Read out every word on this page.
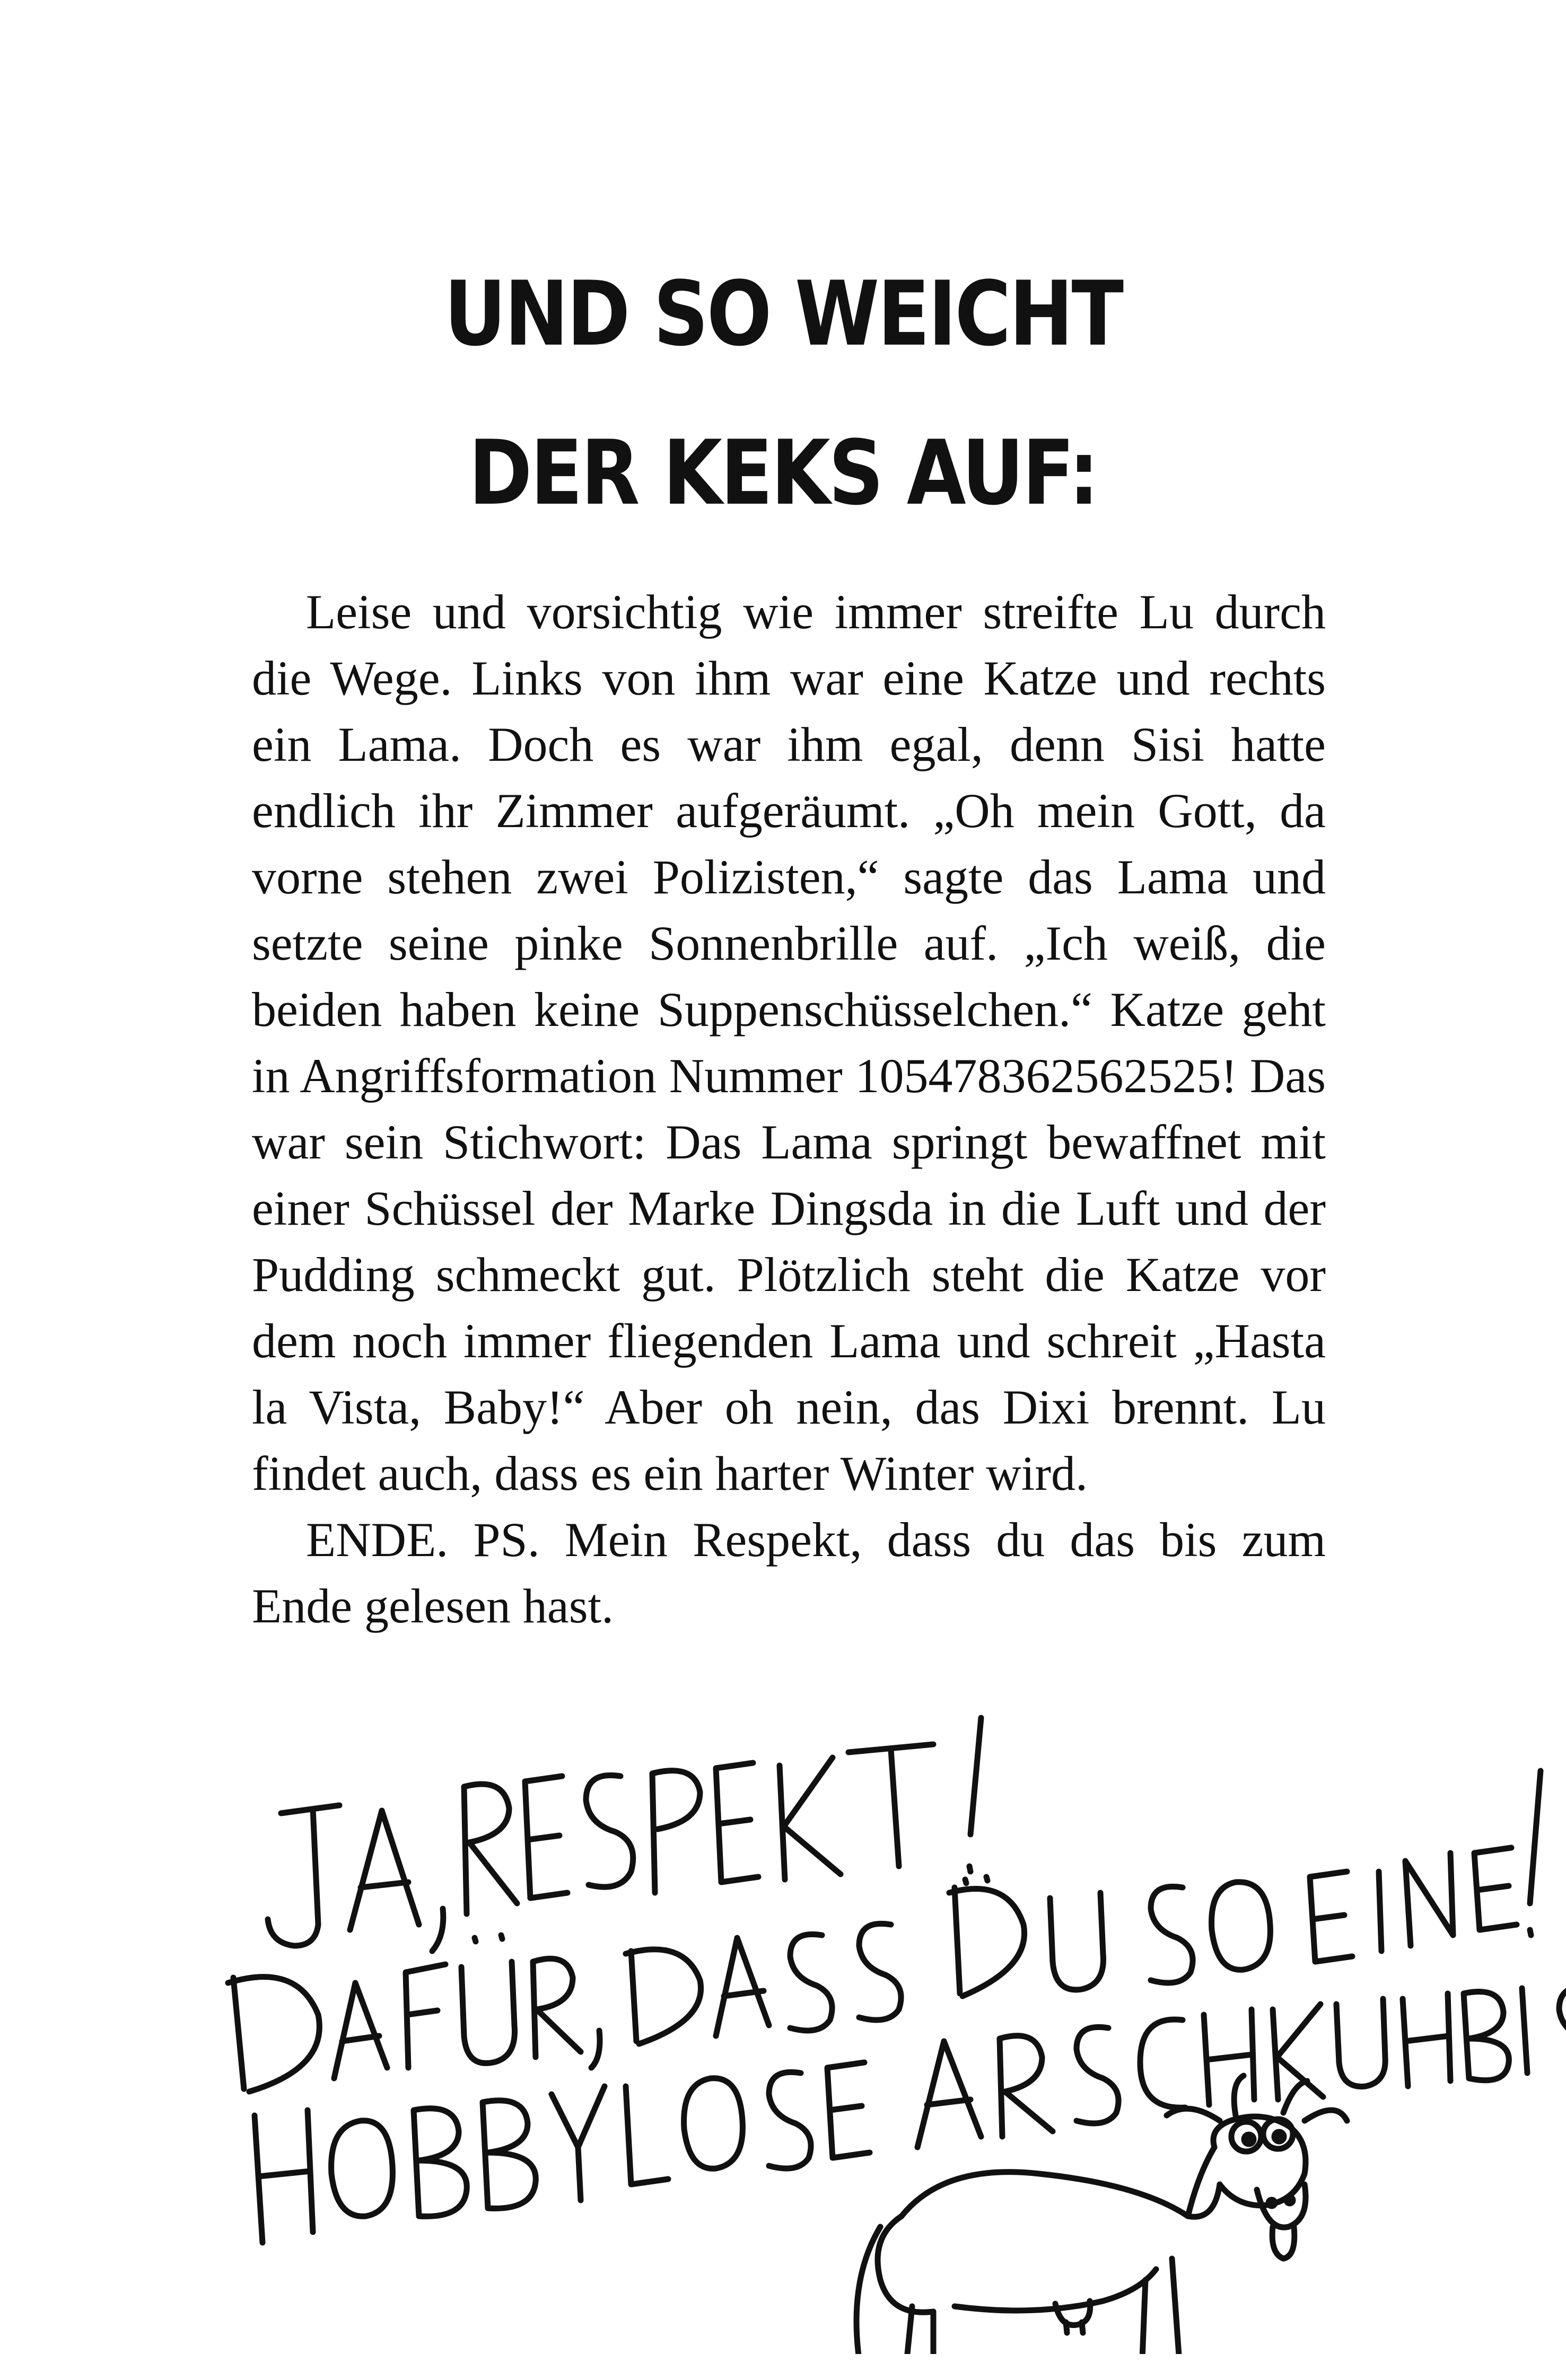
UND SO WEICHT
DER KEKS AUF:

Leise und vorsichtig wie immer streifte Lu durch die Wege. Links von ihm war eine Katze und rechts ein Lama. Doch es war ihm egal, denn Sisi hatte endlich ihr Zimmer aufgeräumt. „Oh mein Gott, da vorne stehen zwei Polizisten,“ sagte das Lama und setzte seine pinke Sonnenbrille auf. „Ich weiß, die beiden haben keine Suppenschüsselchen.“ Katze geht in Angriffsformation Nummer 105478362562525! Das war sein Stichwort: Das Lama springt bewaffnet mit einer Schüssel der Marke Dingsda in die Luft und der Pudding schmeckt gut. Plötzlich steht die Katze vor dem noch immer fliegenden Lama und schreit „Hasta la Vista, Baby!“ Aber oh nein, das Dixi brennt. Lu findet auch, dass es ein harter Winter wird.

ENDE. PS. Mein Respekt, dass du das bis zum Ende gelesen hast.
